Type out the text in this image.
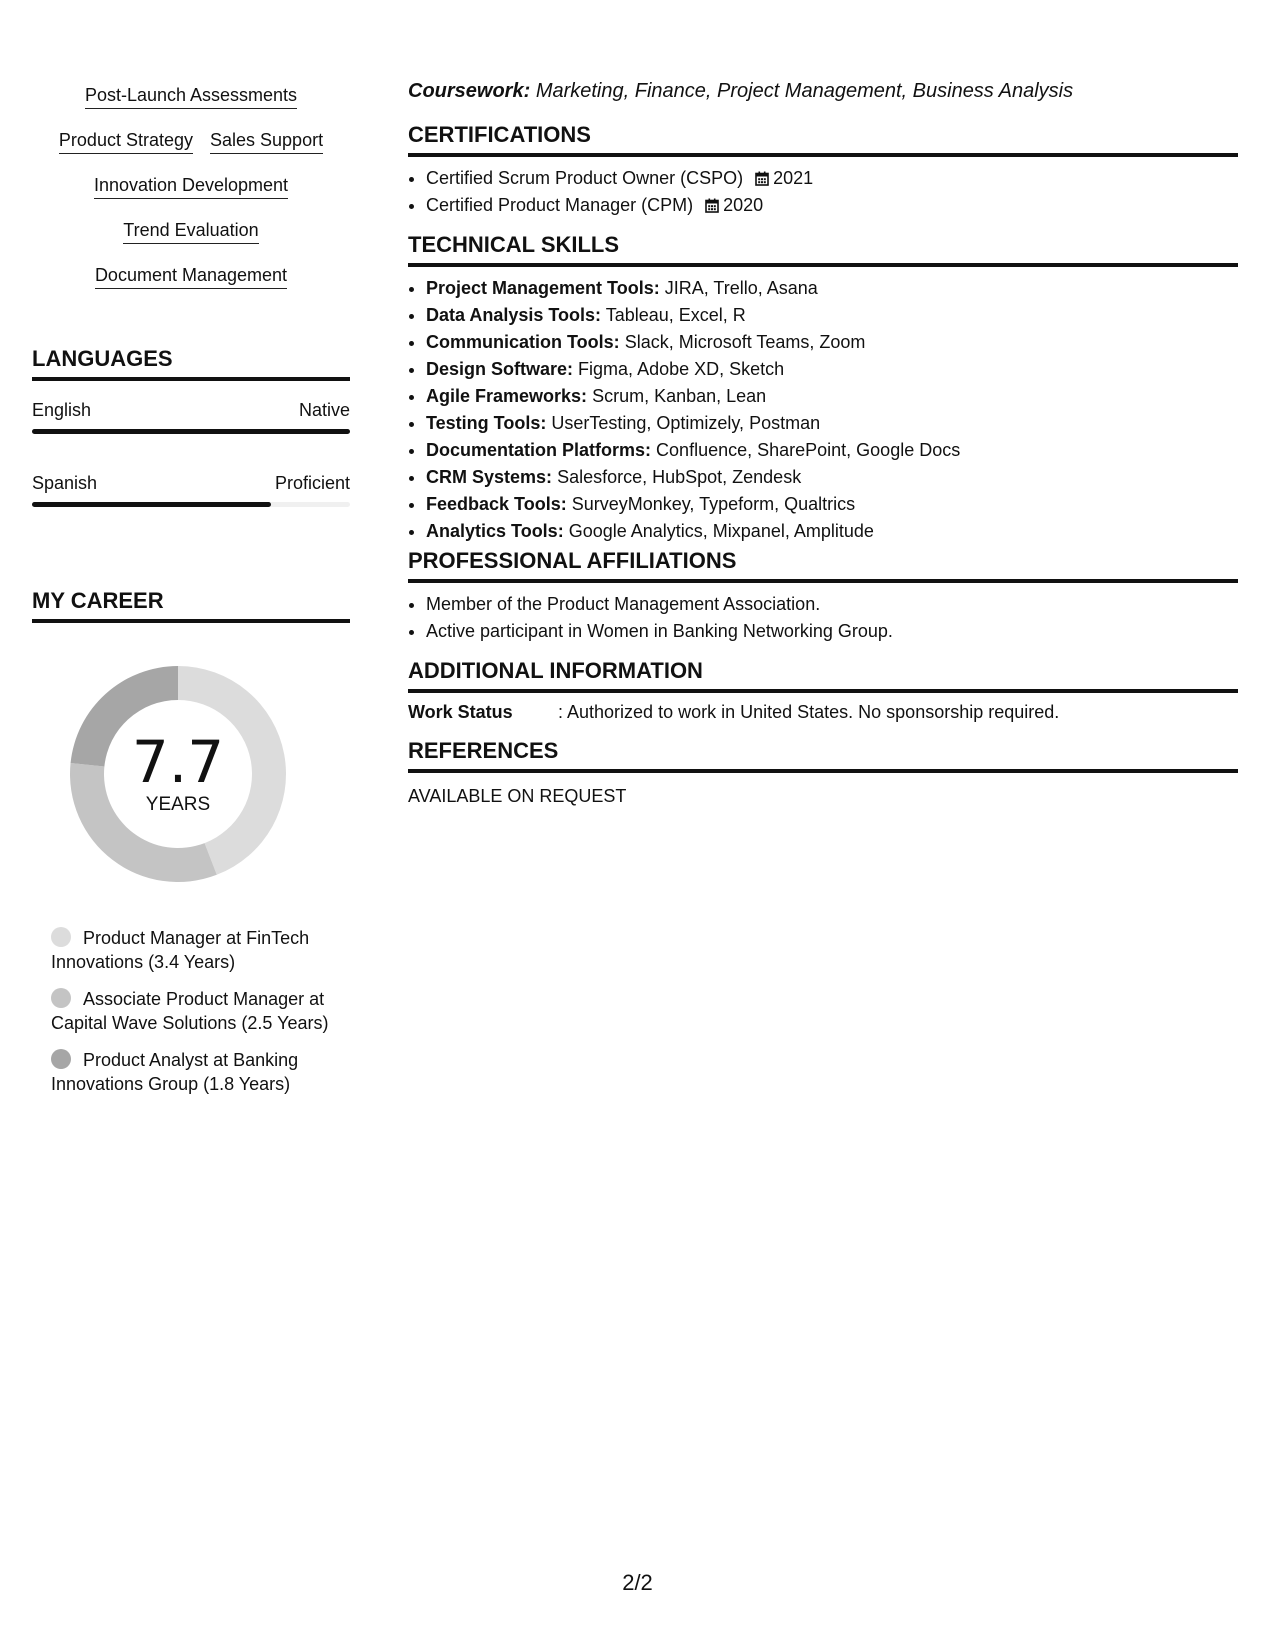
Post-Launch Assessments
Product Strategy Sales Support
Innovation Development
Trend Evaluation
Document Management
LANGUAGES
English	Native
Spanish	Proficient
MY CAREER
7.7
YEARS
Product Manager at FinTech Innovations (3.4 Years)
Associate Product Manager at Capital Wave Solutions (2.5 Years)
Product Analyst at Banking Innovations Group (1.8 Years)
Coursework: Marketing, Finance, Project Management, Business Analysis
CERTIFICATIONS
• Certified Scrum Product Owner (CSPO) 2021
• Certified Product Manager (CPM) 2020
TECHNICAL SKILLS
• Project Management Tools: JIRA, Trello, Asana
• Data Analysis Tools: Tableau, Excel, R
• Communication Tools: Slack, Microsoft Teams, Zoom
• Design Software: Figma, Adobe XD, Sketch
• Agile Frameworks: Scrum, Kanban, Lean
• Testing Tools: UserTesting, Optimizely, Postman
• Documentation Platforms: Confluence, SharePoint, Google Docs
• CRM Systems: Salesforce, HubSpot, Zendesk
• Feedback Tools: SurveyMonkey, Typeform, Qualtrics
• Analytics Tools: Google Analytics, Mixpanel, Amplitude
PROFESSIONAL AFFILIATIONS
• Member of the Product Management Association.
• Active participant in Women in Banking Networking Group.
ADDITIONAL INFORMATION
Work Status	: Authorized to work in United States. No sponsorship required.
REFERENCES
AVAILABLE ON REQUEST
2/2
